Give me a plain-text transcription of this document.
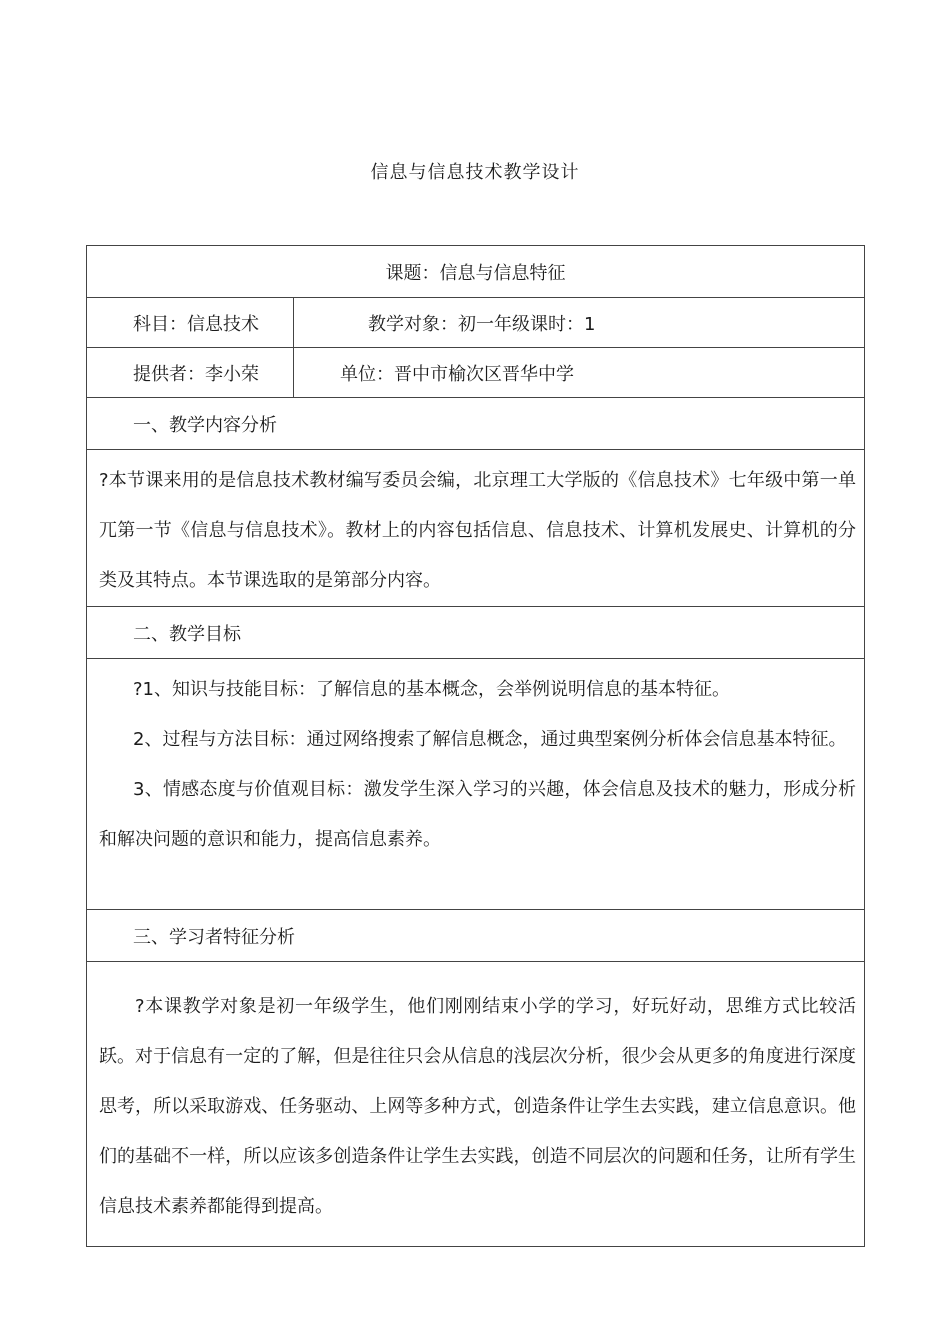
信息与信息技术教学设计
课题：信息与信息特征	
科目：信息技术	教学对象：初一年级课时：1
提供者：李小荣	单位：晋中市榆次区晋华中学
一、教学内容分析	

?本节课来用的是信息技术教材编写委员会编，北京理工大学版的《信息技术》七年级中第一单兀第一节《信息与信息技术》。教材上的内容包括信息、信息技术、计算机发展史、计算机的分类及其特点。本节课选取的是第部分内容。	

二、教学目标	

?1、知识与技能目标：了解信息的基本概念，会举例说明信息的基本特征。

2、过程与方法目标：通过网络搜索了解信息概念，通过典型案例分析体会信息基本特征。

3、情感态度与价值观目标：激发学生深入学习的兴趣，体会信息及技术的魅力，形成分析和解决问题的意识和能力，提高信息素养。	

三、学习者特征分析	

?本课教学对象是初一年级学生，他们刚刚结束小学的学习，好玩好动，思维方式比较活跃。对于信息有一定的了解，但是往往只会从信息的浅层次分析，很少会从更多的角度进行深度思考，所以采取游戏、任务驱动、上网等多种方式，创造条件让学生去实践，建立信息意识。他们的基础不一样，所以应该多创造条件让学生去实践，创造不同层次的问题和任务，让所有学生信息技术素养都能得到提高。	
